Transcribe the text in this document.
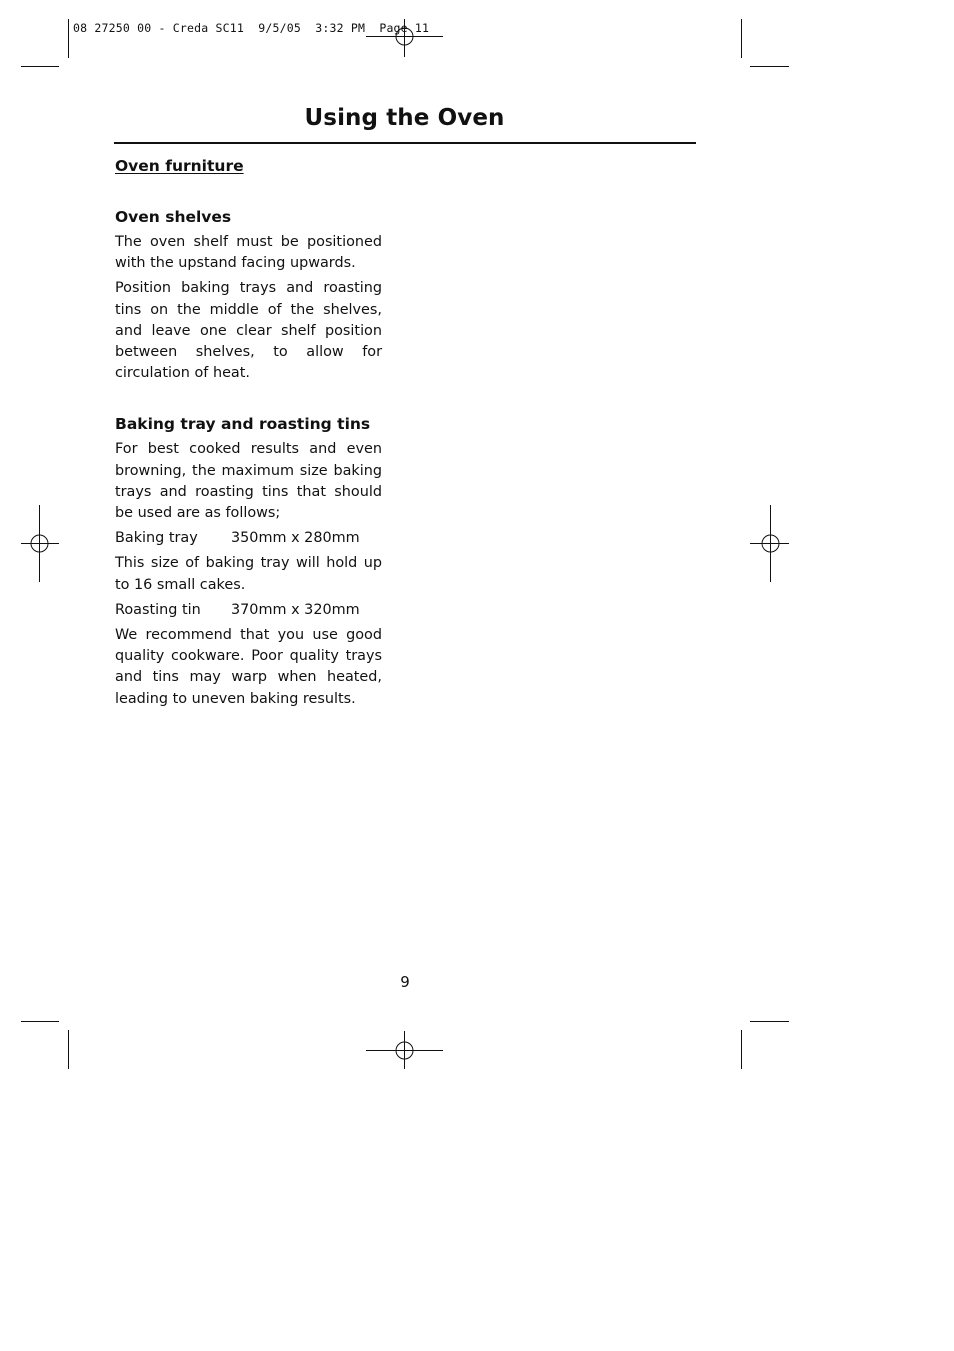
08 27250 00 - Creda SC11  9/5/05  3:32 PM  Page 11
Using the Oven
Oven furniture
Oven shelves

The oven shelf must be positioned with the upstand facing upwards.

Position baking trays and roasting tins on the middle of the shelves, and leave one clear shelf position between shelves, to allow for circulation of heat.

Baking tray and roasting tins

For best cooked results and even browning, the maximum size baking trays and roasting tins that should be used are as follows;

Baking tray	350mm x 280mm

This size of baking tray will hold up to 16 small cakes.

Roasting tin	370mm x 320mm

We recommend that you use good quality cookware. Poor quality trays and tins may warp when heated, leading to uneven baking results.

9
